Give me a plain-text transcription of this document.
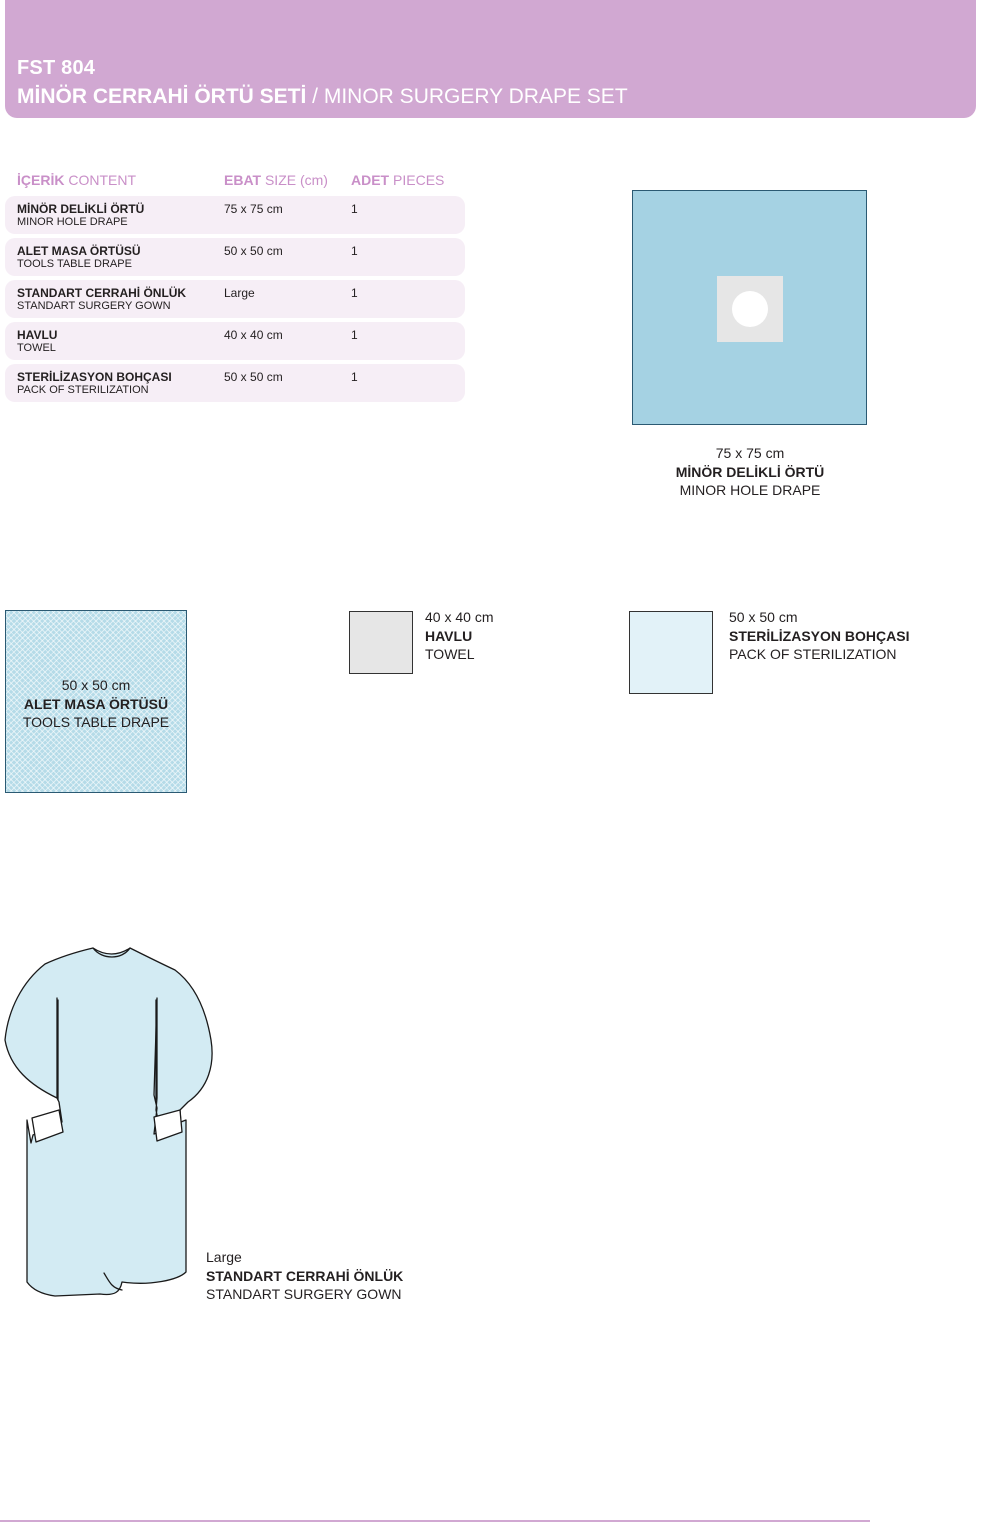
FST 804
MİNÖR CERRAHİ ÖRTÜ SETİ / MINOR SURGERY DRAPE SET
İÇERİK CONTENT	EBAT SIZE (cm) ADET PIECES
MİNÖR DELİKLİ ÖRTÜ
MINOR HOLE DRAPE
75 x 75 cm	1
ALET MASA ÖRTÜSÜ
TOOLS TABLE DRAPE
50 x 50 cm	1
STANDART CERRAHİ ÖNLÜK
STANDART SURGERY GOWN
Large	1
HAVLU
TOWEL
40 x 40 cm	1
STERİLİZASYON BOHÇASI
PACK OF STERILIZATION
50 x 50 cm	1
75 x 75 cm
MİNÖR DELİKLİ ÖRTÜ
MINOR HOLE DRAPE
50 x 50 cm
ALET MASA ÖRTÜSÜ
TOOLS TABLE DRAPE
40 x 40 cm
HAVLU
TOWEL
50 x 50 cm
STERİLİZASYON BOHÇASI
PACK OF STERILIZATION
Large
STANDART CERRAHİ ÖNLÜK
STANDART SURGERY GOWN
